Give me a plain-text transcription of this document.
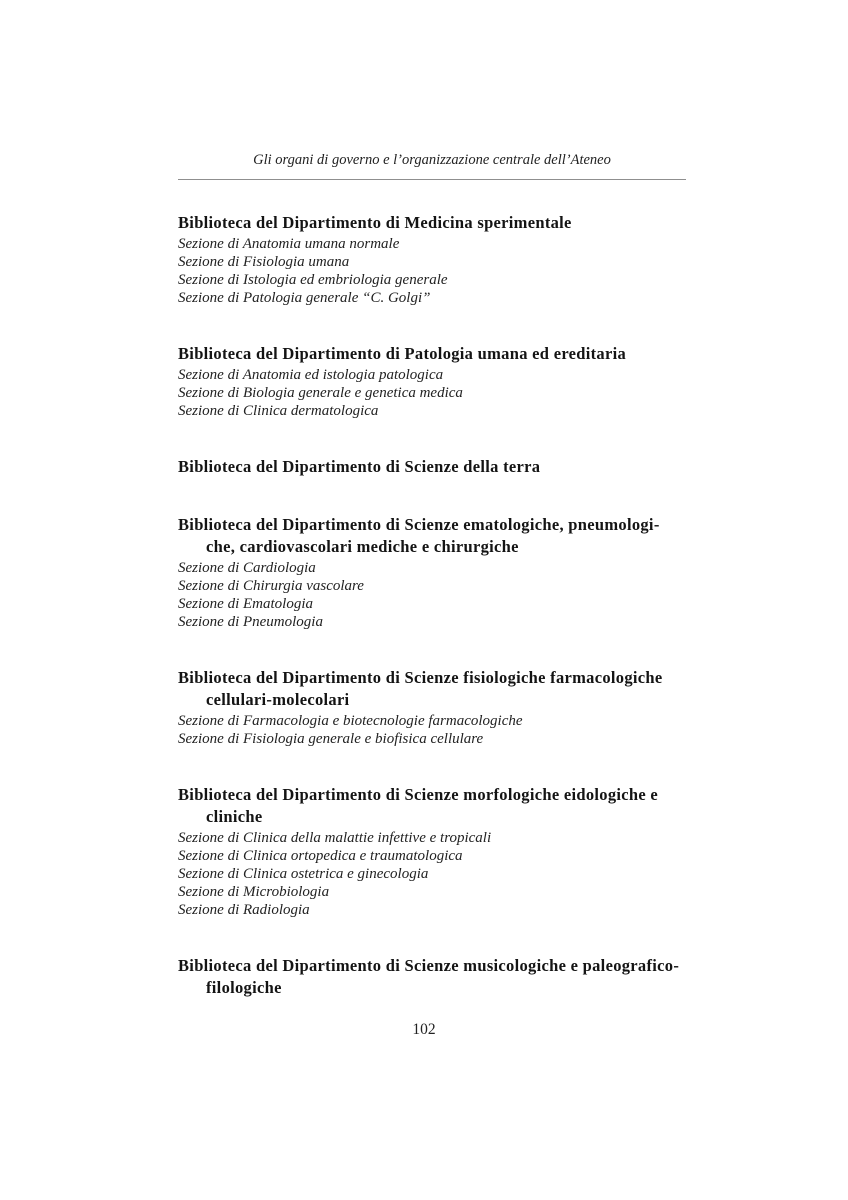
Gli organi di governo e l’organizzazione centrale dell’Ateneo

Biblioteca del Dipartimento di Medicina sperimentale
Sezione di Anatomia umana normale
Sezione di Fisiologia umana
Sezione di Istologia ed embriologia generale
Sezione di Patologia generale “C. Golgi”
Biblioteca del Dipartimento di Patologia umana ed ereditaria
Sezione di Anatomia ed istologia patologica
Sezione di Biologia generale e genetica medica
Sezione di Clinica dermatologica
Biblioteca del Dipartimento di Scienze della terra
Biblioteca del Dipartimento di Scienze ematologiche, pneumologi-
che, cardiovascolari mediche e chirurgiche
Sezione di Cardiologia
Sezione di Chirurgia vascolare
Sezione di Ematologia
Sezione di Pneumologia
Biblioteca del Dipartimento di Scienze fisiologiche farmacologiche
cellulari-molecolari
Sezione di Farmacologia e biotecnologie farmacologiche
Sezione di Fisiologia generale e biofisica cellulare
Biblioteca del Dipartimento di Scienze morfologiche eidologiche e
cliniche
Sezione di Clinica della malattie infettive e tropicali
Sezione di Clinica ortopedica e traumatologica
Sezione di Clinica ostetrica e ginecologia
Sezione di Microbiologia
Sezione di Radiologia
Biblioteca del Dipartimento di Scienze musicologiche e paleografico-
filologiche
102
